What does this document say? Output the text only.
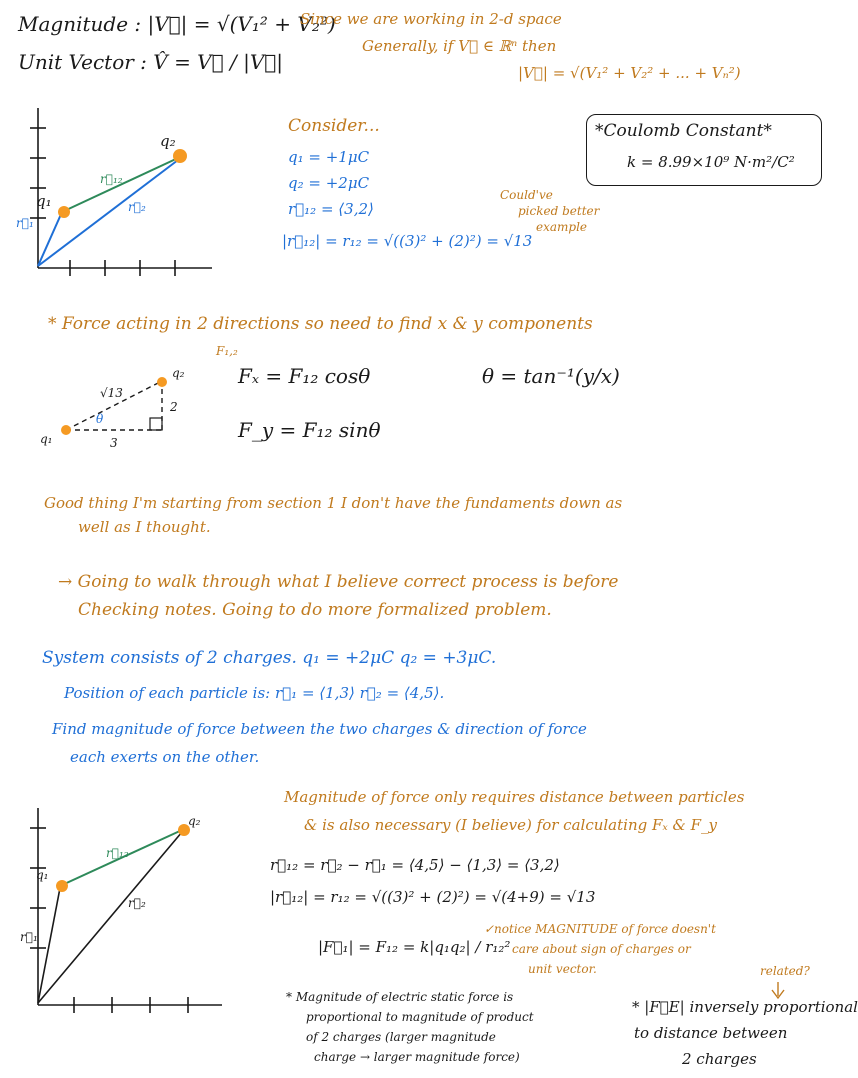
Magnitude : |V⃗| = √(V₁² + V₂²)

Unit Vector : V̂ = V⃗ / |V⃗|

Since we are working in 2-d space

Generally, if V⃗ ∈ ℝⁿ then

|V⃗| = √(V₁² + V₂² + ... + Vₙ²)

q₁

q₂

r⃗₁₂

r⃗₁

r⃗₂

Consider...

q₁ = +1μC

q₂ = +2μC

r⃗₁₂ = ⟨3,2⟩

|r⃗₁₂| = r₁₂ = √((3)² + (2)²) = √13

Could've

picked better

example

*Coulomb Constant*

k = 8.99×10⁹ N·m²/C²

* Force acting in 2 directions so need to find x & y components

F₁,₂

Fₓ = F₁₂ cosθ

F_y = F₁₂ sinθ

θ = tan⁻¹(y/x)

q₁

q₂

√13

θ

3

2

Good thing I'm starting from section 1 I don't have the fundaments down as

well as I thought.

→ Going to walk through what I believe correct process is before

Checking notes. Going to do more formalized problem.

System consists of 2 charges. q₁ = +2μC q₂ = +3μC.

Position of each particle is: r⃗₁ = ⟨1,3⟩ r⃗₂ = ⟨4,5⟩.

Find magnitude of force between the two charges & direction of force

each exerts on the other.

q₁

q₂

r⃗₁₂

r⃗₁

r⃗₂

Magnitude of force only requires distance between particles

& is also necessary (I believe) for calculating Fₓ & F_y

r⃗₁₂ = r⃗₂ − r⃗₁ = ⟨4,5⟩ − ⟨1,3⟩ = ⟨3,2⟩

|r⃗₁₂| = r₁₂ = √((3)² + (2)²) = √(4+9) = √13

|F⃗₁| = F₁₂ = k|q₁q₂| / r₁₂²

✓notice MAGNITUDE of force doesn't

care about sign of charges or

unit vector.

* Magnitude of electric static force is

proportional to magnitude of product

of 2 charges (larger magnitude

charge → larger magnitude force)

related?

* |F⃗E| inversely proportional

to distance between

2 charges
